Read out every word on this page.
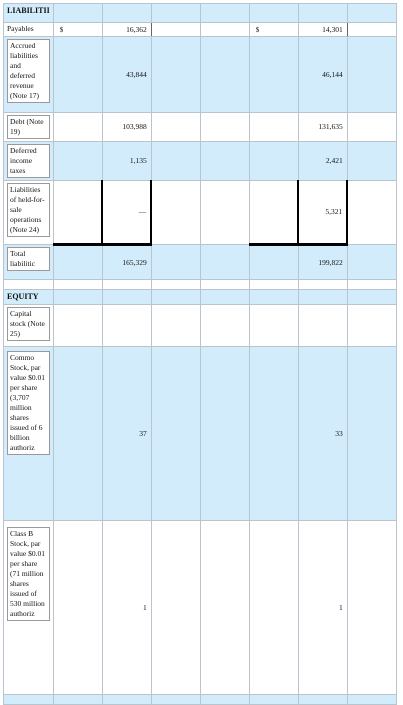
LIABILITII							
Payables	$	16,362			$	14,301	

Accrued liabilities and deferred revenue (Note 17)		43,844				46,144	

Debt (Note 19)		103,988				131,635	

Deferred income taxes		1,135				2,421	

Liabilities of held-for-sale operations (Note 24)		—				5,321	

Total liabilitic		165,329				199,822	

EQUITY							

Capital stock (Note 25)							

Commo Stock, par value $0.01 per share (3,707 million shares issued of 6 billion authoriz		37				33	

Class B Stock, par value $0.01 per share (71 million shares issued of 530 million authoriz		1				1	
